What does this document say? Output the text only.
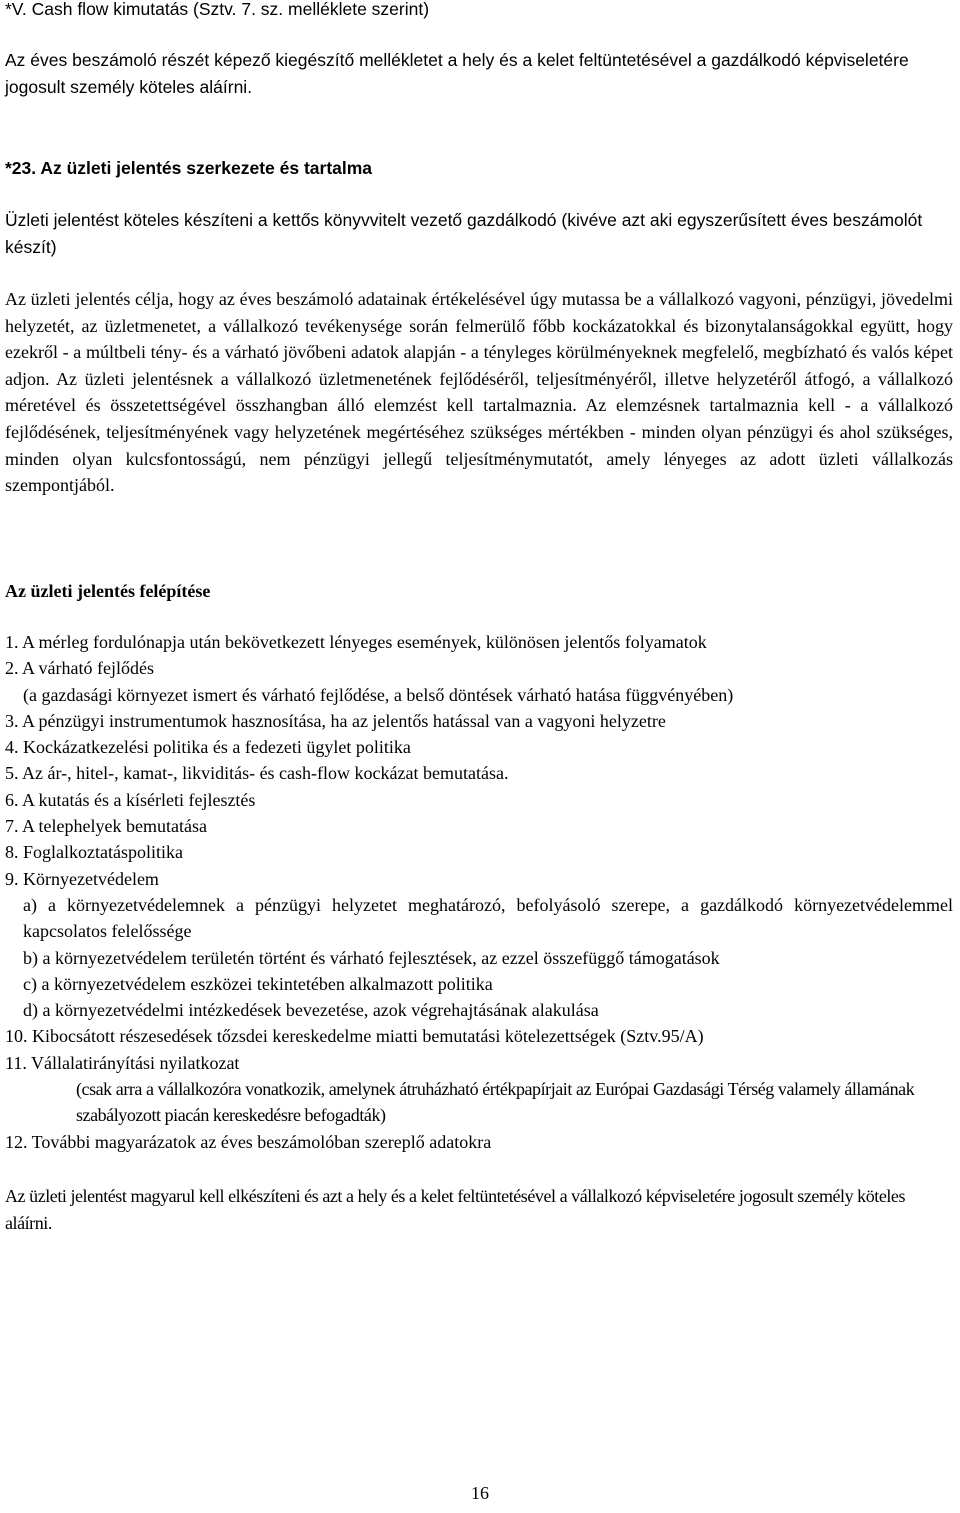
*V. Cash flow kimutatás (Sztv. 7. sz. melléklete szerint)

Az éves beszámoló részét képező kiegészítő mellékletet a hely és a kelet feltüntetésével a gazdálkodó képviseletére jogosult személy köteles aláírni.

*23. Az üzleti jelentés szerkezete és tartalma

Üzleti jelentést köteles készíteni a kettős könyvvitelt vezető gazdálkodó (kivéve azt aki egyszerűsített éves beszámolót készít)

Az üzleti jelentés célja, hogy az éves beszámoló adatainak értékelésével úgy mutassa be a vállalkozó vagyoni, pénzügyi, jövedelmi helyzetét, az üzletmenetet, a vállalkozó tevékenysége során felmerülő főbb kockázatokkal és bizonytalanságokkal együtt, hogy ezekről - a múltbeli tény- és a várható jövőbeni adatok alapján - a tényleges körülményeknek megfelelő, megbízható és valós képet adjon. Az üzleti jelentésnek a vállalkozó üzletmenetének fejlődéséről, teljesítményéről, illetve helyzetéről átfogó, a vállalkozó méretével és összetettségével összhangban álló elemzést kell tartalmaznia. Az elemzésnek tartalmaznia kell - a vállalkozó fejlődésének, teljesítményének vagy helyzetének megértéséhez szükséges mértékben - minden olyan pénzügyi és ahol szükséges, minden olyan kulcsfontosságú, nem pénzügyi jellegű teljesítménymutatót, amely lényeges az adott üzleti vállalkozás szempontjából.

Az üzleti jelentés felépítése

1. A mérleg fordulónapja után bekövetkezett lényeges események, különösen jelentős folyamatok

2. A várható fejlődés

(a gazdasági környezet ismert és várható fejlődése, a belső döntések várható hatása függvényében)

3. A pénzügyi instrumentumok hasznosítása, ha az jelentős hatással van a vagyoni helyzetre

4. Kockázatkezelési politika és a fedezeti ügylet politika

5. Az ár-, hitel-, kamat-, likviditás- és cash-flow kockázat bemutatása.

6. A kutatás és a kísérleti fejlesztés

7. A telephelyek bemutatása

8. Foglalkoztatáspolitika

9. Környezetvédelem

a) a környezetvédelemnek a pénzügyi helyzetet meghatározó, befolyásoló szerepe, a gazdálkodó környezetvédelemmel kapcsolatos felelőssége

b) a környezetvédelem területén történt és várható fejlesztések, az ezzel összefüggő támogatások

c) a környezetvédelem eszközei tekintetében alkalmazott politika

d) a környezetvédelmi intézkedések bevezetése, azok végrehajtásának alakulása

10. Kibocsátott részesedések tőzsdei kereskedelme miatti bemutatási kötelezettségek (Sztv.95/A)

11. Vállalatirányítási nyilatkozat

(csak arra a vállalkozóra vonatkozik, amelynek átruházható értékpapírjait az Európai Gazdasági Térség valamely államának szabályozott piacán kereskedésre befogadták)

12. További magyarázatok az éves beszámolóban szereplő adatokra

Az üzleti jelentést magyarul kell elkészíteni és azt a hely és a kelet feltüntetésével a vállalkozó képviseletére jogosult személy köteles aláírni.

16
